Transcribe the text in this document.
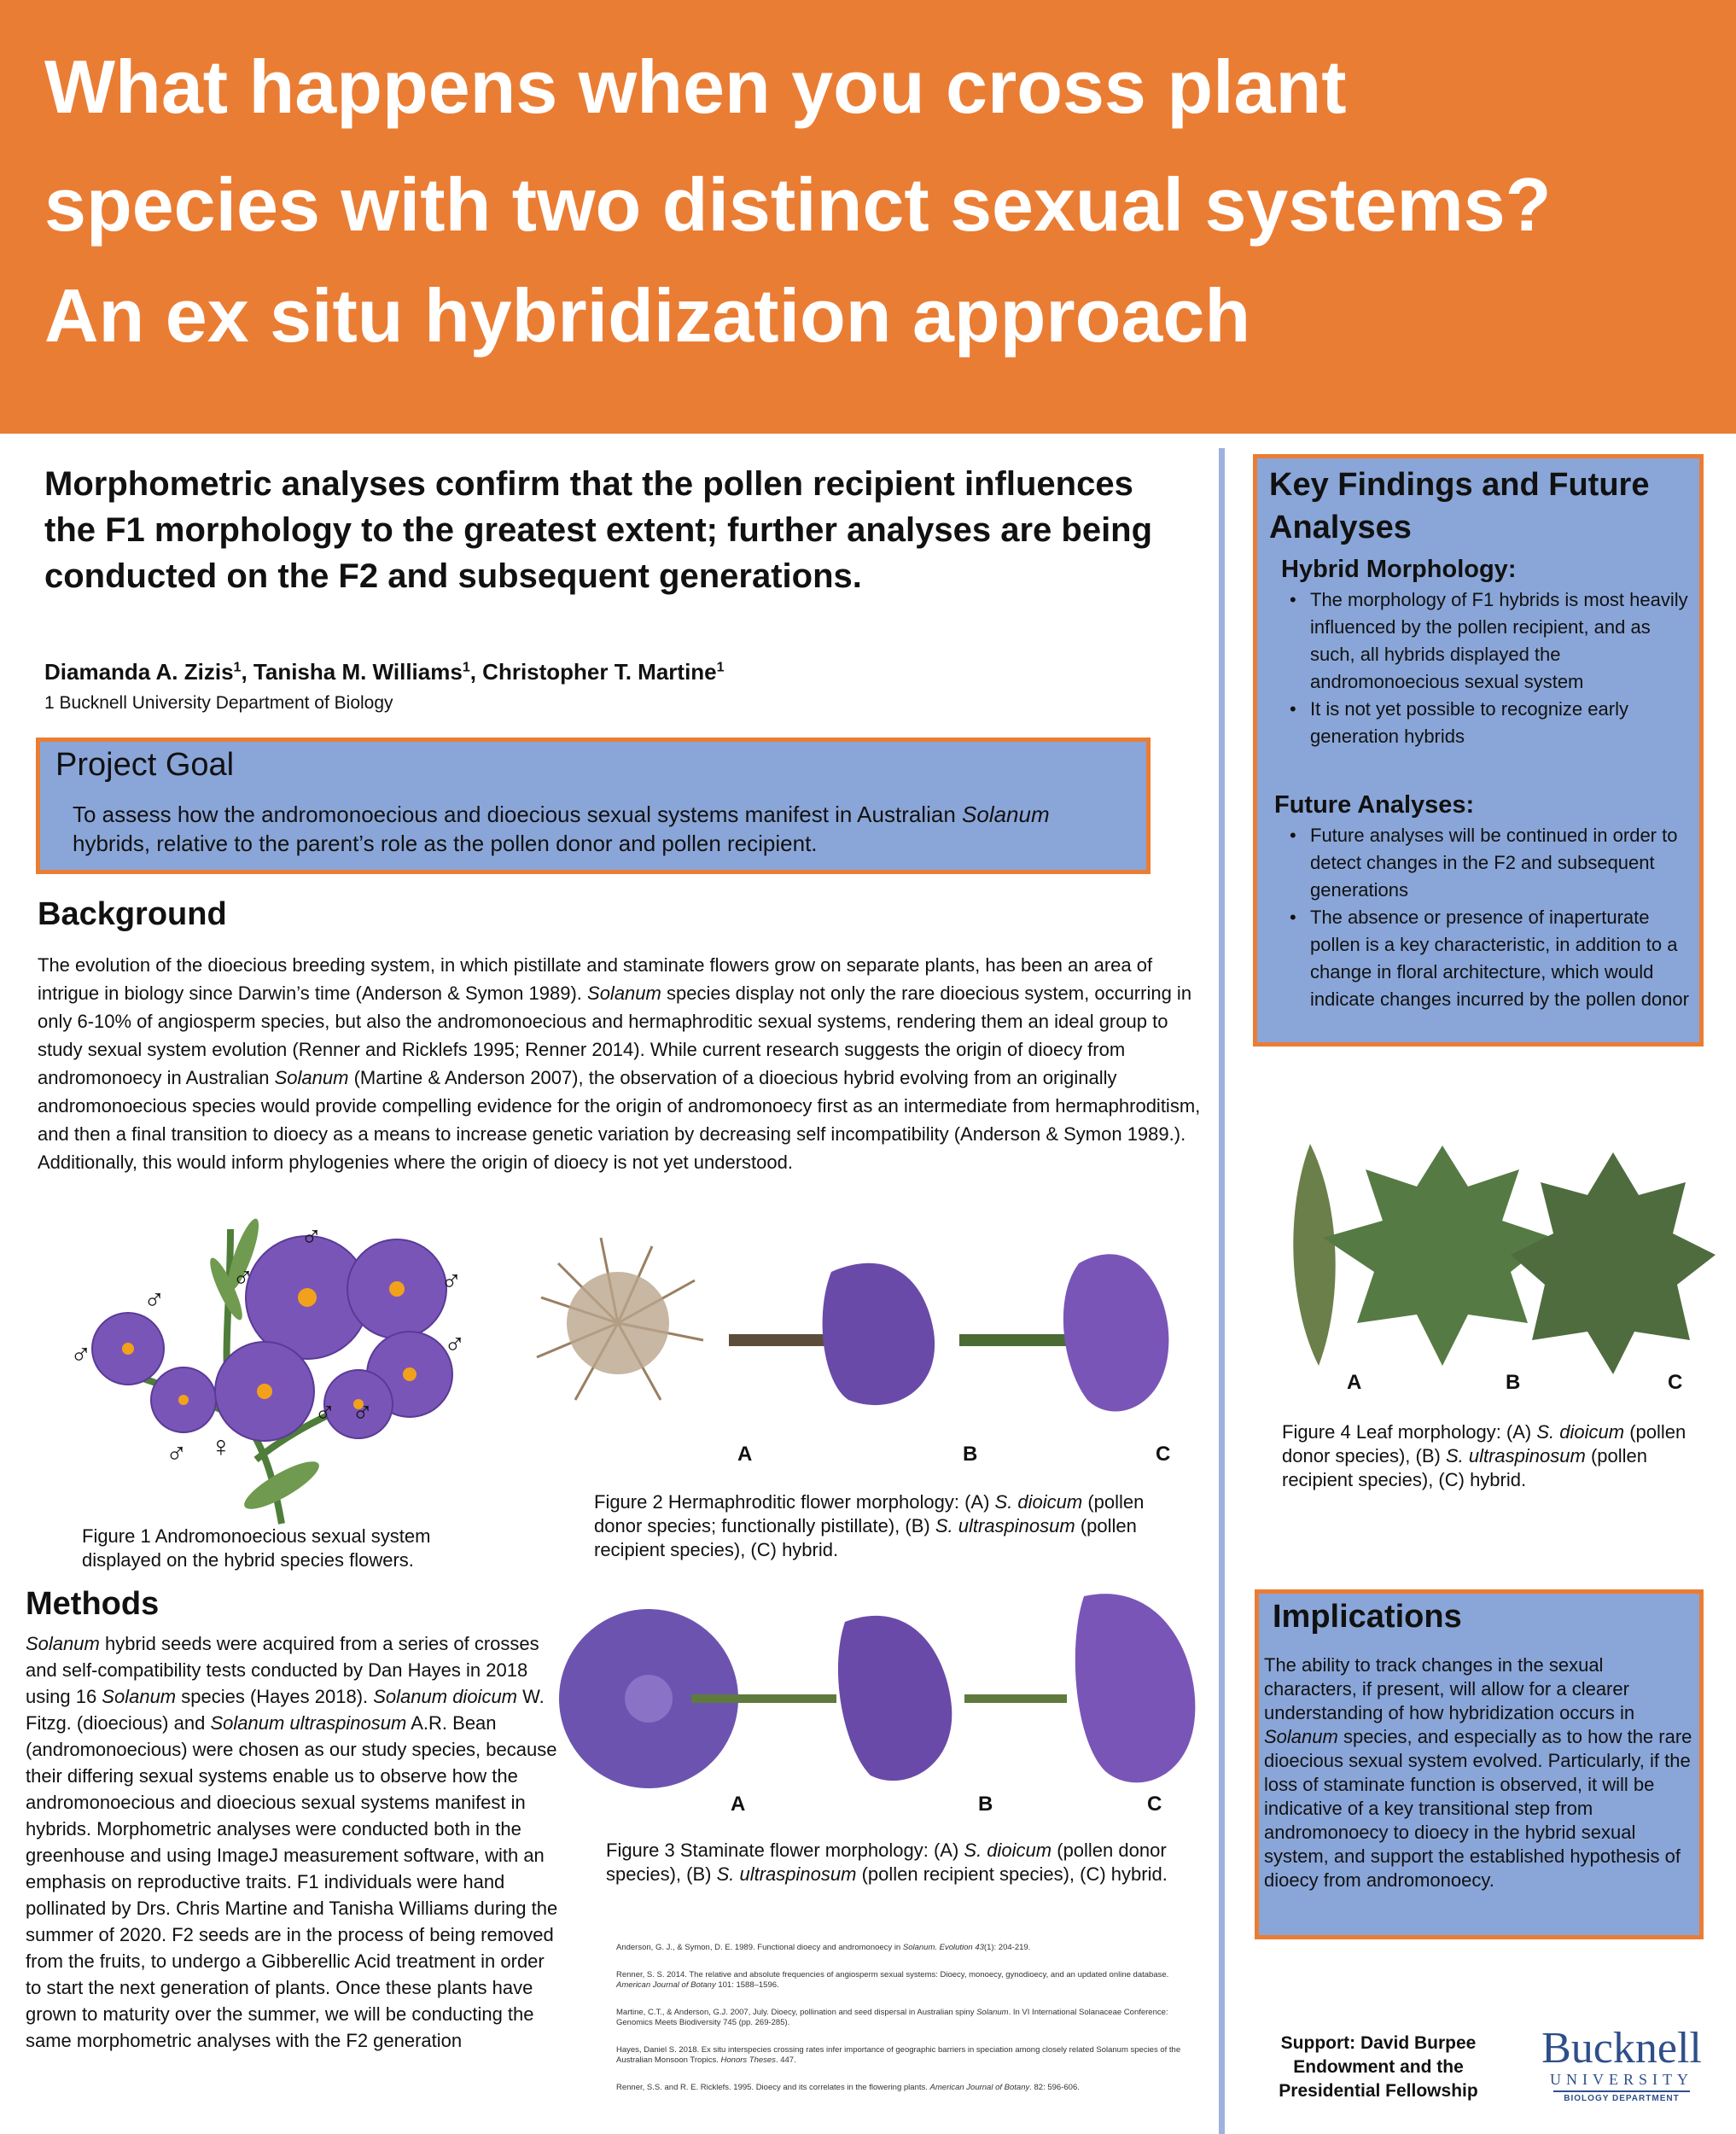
What happens when you cross plant
species with two distinct sexual systems?
An ex situ hybridization approach
Morphometric analyses confirm that the pollen recipient influences the F1 morphology to the greatest extent; further analyses are being conducted on the F2 and subsequent generations.
Diamanda A. Zizis$^1$, Tanisha M. Williams$^1$, Christopher T. Martine$^1$
1 Bucknell University Department of Biology
Project Goal
To assess how the andromonoecious and dioecious sexual systems manifest in Australian Solanum hybrids, relative to the parent’s role as the pollen donor and pollen recipient.
Background
The evolution of the dioecious breeding system, in which pistillate and staminate flowers grow on separate plants, has been an area of intrigue in biology since Darwin’s time (Anderson & Symon 1989). Solanum species display not only the rare dioecious system, occurring in only 6-10% of angiosperm species, but also the andromonoecious and hermaphroditic sexual systems, rendering them an ideal group to study sexual system evolution (Renner and Ricklefs 1995; Renner 2014). While current research suggests the origin of dioecy from andromonoecy in Australian Solanum (Martine & Anderson 2007), the observation of a dioecious hybrid evolving from an originally andromonoecious species would provide compelling evidence for the origin of andromonoecy first as an intermediate from hermaphroditism, and then a final transition to dioecy as a means to increase genetic variation by decreasing self incompatibility (Anderson & Symon 1989.). Additionally, this would inform phylogenies where the origin of dioecy is not yet understood.
♂
♂
♂
♂
♂	♂
♂ ♂
♂ ♀
Figure 1 Andromonoecious sexual system displayed on the hybrid species flowers.
A	B	C
Figure 2 Hermaphroditic flower morphology: (A) S. dioicum (pollen donor species; functionally pistillate), (B) S. ultraspinosum (pollen recipient species), (C) hybrid.
A	B	C
Figure 3 Staminate flower morphology: (A) S. dioicum (pollen donor species), (B) S. ultraspinosum (pollen recipient species), (C) hybrid.
Methods
Solanum hybrid seeds were acquired from a series of crosses and self-compatibility tests conducted by Dan Hayes in 2018 using 16 Solanum species (Hayes 2018). Solanum dioicum W. Fitzg. (dioecious) and Solanum ultraspinosum A.R. Bean (andromonoecious) were chosen as our study species, because their differing sexual systems enable us to observe how the andromonoecious and dioecious sexual systems manifest in hybrids. Morphometric analyses were conducted both in the greenhouse and using ImageJ measurement software, with an emphasis on reproductive traits. F1 individuals were hand pollinated by Drs. Chris Martine and Tanisha Williams during the summer of 2020. F2 seeds are in the process of being removed from the fruits, to undergo a Gibberellic Acid treatment in order to start the next generation of plants. Once these plants have grown to maturity over the summer, we will be conducting the same morphometric analyses with the F2 generation

Anderson, G. J., & Symon, D. E. 1989. Functional dioecy and andromonoecy in Solanum. Evolution 43(1): 204-219.

Renner, S. S. 2014. The relative and absolute frequencies of angiosperm sexual systems: Dioecy, monoecy, gynodioecy, and an updated online database. American Journal of Botany 101: 1588–1596.

Martine, C.T., & Anderson, G.J. 2007, July. Dioecy, pollination and seed dispersal in Australian spiny Solanum. In VI International Solanaceae Conference: Genomics Meets Biodiversity 745 (pp. 269-285).

Hayes, Daniel S. 2018. Ex situ interspecies crossing rates infer importance of geographic barriers in speciation among closely related Solanum species of the Australian Monsoon Tropics. Honors Theses. 447.

Renner, S.S. and R. E. Ricklefs. 1995. Dioecy and its correlates in the flowering plants. American Journal of Botany. 82: 596-606.

Key Findings and Future Analyses
Hybrid Morphology:
• The morphology of F1 hybrids is most heavily influenced by the pollen recipient, and as such, all hybrids displayed the andromonoecious sexual system
• It is not yet possible to recognize early generation hybrids
Future Analyses:
• Future analyses will be continued in order to detect changes in the F2 and subsequent generations
• The absence or presence of inaperturate pollen is a key characteristic, in addition to a change in floral architecture, which would indicate changes incurred by the pollen donor
A	B	C
Figure 4 Leaf morphology: (A) S. dioicum (pollen donor species), (B) S. ultraspinosum (pollen recipient species), (C) hybrid.
Implications
The ability to track changes in the sexual characters, if present, will allow for a clearer understanding of how hybridization occurs in Solanum species, and especially as to how the rare dioecious sexual system evolved. Particularly, if the loss of staminate function is observed, it will be indicative of a key transitional step from andromonoecy to dioecy in the hybrid sexual system, and support the established hypothesis of dioecy from andromonoecy.
Support: David Burpee Endowment and the Presidential Fellowship
Bucknell
UNIVERSITY
BIOLOGY DEPARTMENT
